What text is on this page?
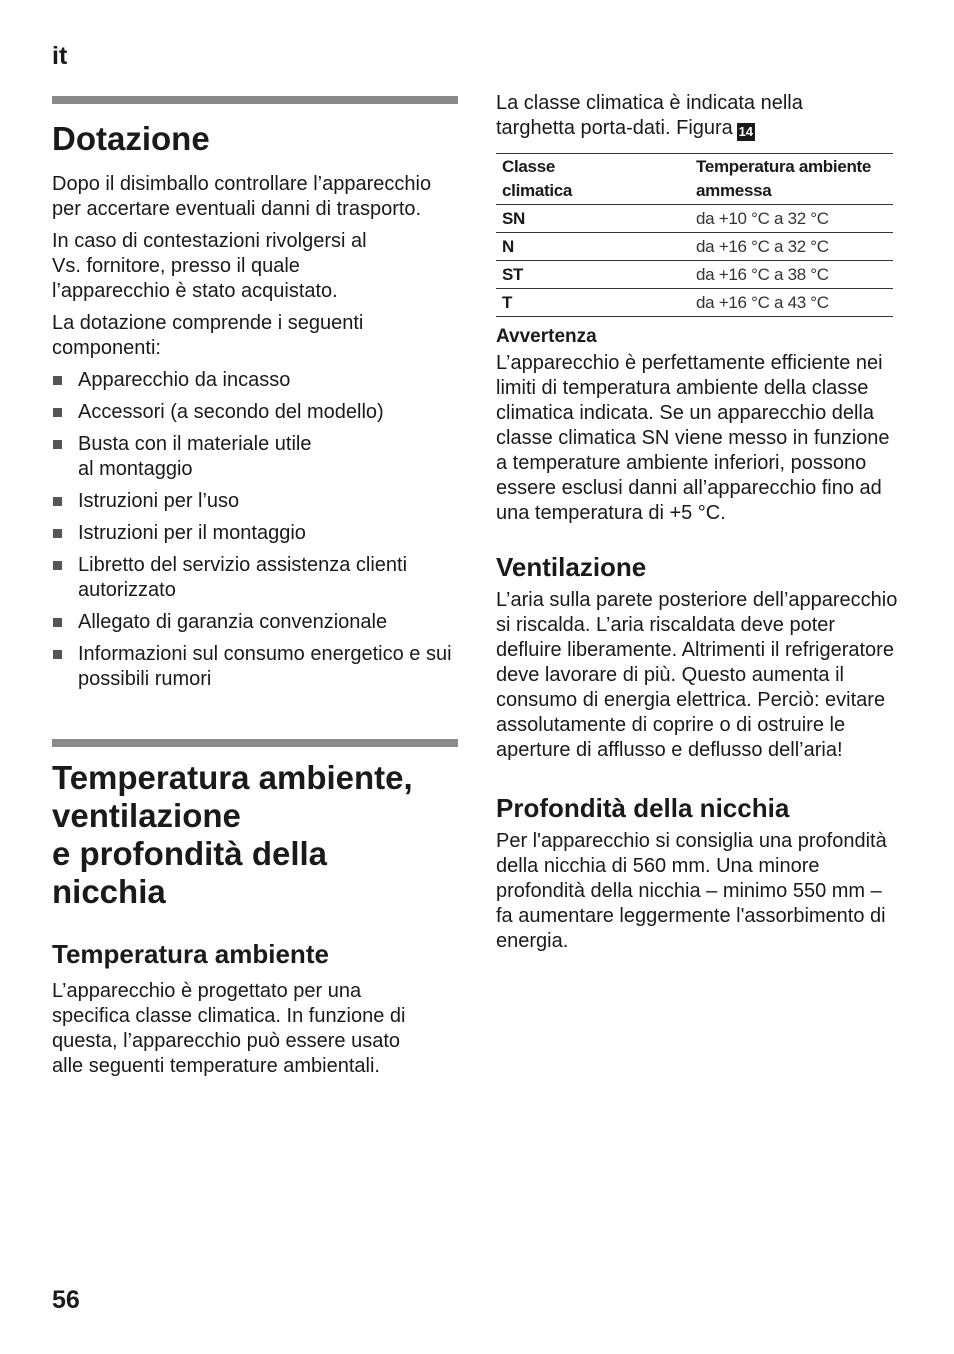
it
Dotazione

Dopo il disimballo controllare l’apparecchio per accertare eventuali danni di trasporto.

In caso di contestazioni rivolgersi al Vs. fornitore, presso il quale l’apparecchio è stato acquistato.

La dotazione comprende i seguenti componenti:

Apparecchio da incasso
Accessori (a secondo del modello)
Busta con il materiale utile al montaggio
Istruzioni per l’uso
Istruzioni per il montaggio
Libretto del servizio assistenza clienti autorizzato
Allegato di garanzia convenzionale
Informazioni sul consumo energetico e sui possibili rumori
Temperatura ambiente,
ventilazione
e profondità della
nicchia
Temperatura ambiente

L’apparecchio è progettato per una specifica classe climatica. In funzione di questa, l’apparecchio può essere usato alle seguenti temperature ambientali.

La classe climatica è indicata nella targhetta porta-dati. Figura 14

Classe
climatica	Temperatura ambiente
ammessa
SN	da +10 °C a 32 °C
N	da +16 °C a 32 °C
ST	da +16 °C a 38 °C
T	da +16 °C a 43 °C
Avvertenza

L’apparecchio è perfettamente efficiente nei limiti di temperatura ambiente della classe climatica indicata. Se un apparecchio della classe climatica SN viene messo in funzione a temperature ambiente inferiori, possono essere esclusi danni all’apparecchio fino ad una temperatura di +5 °C.

Ventilazione

L’aria sulla parete posteriore dell’apparecchio si riscalda. L’aria riscaldata deve poter defluire liberamente. Altrimenti il refrigeratore deve lavorare di più. Questo aumenta il consumo di energia elettrica. Perciò: evitare assolutamente di coprire o di ostruire le aperture di afflusso e deflusso dell’aria!

Profondità della nicchia

Per l'apparecchio si consiglia una profondità della nicchia di 560 mm. Una minore profondità della nicchia – minimo 550 mm – fa aumentare leggermente l'assorbimento di energia.

56
